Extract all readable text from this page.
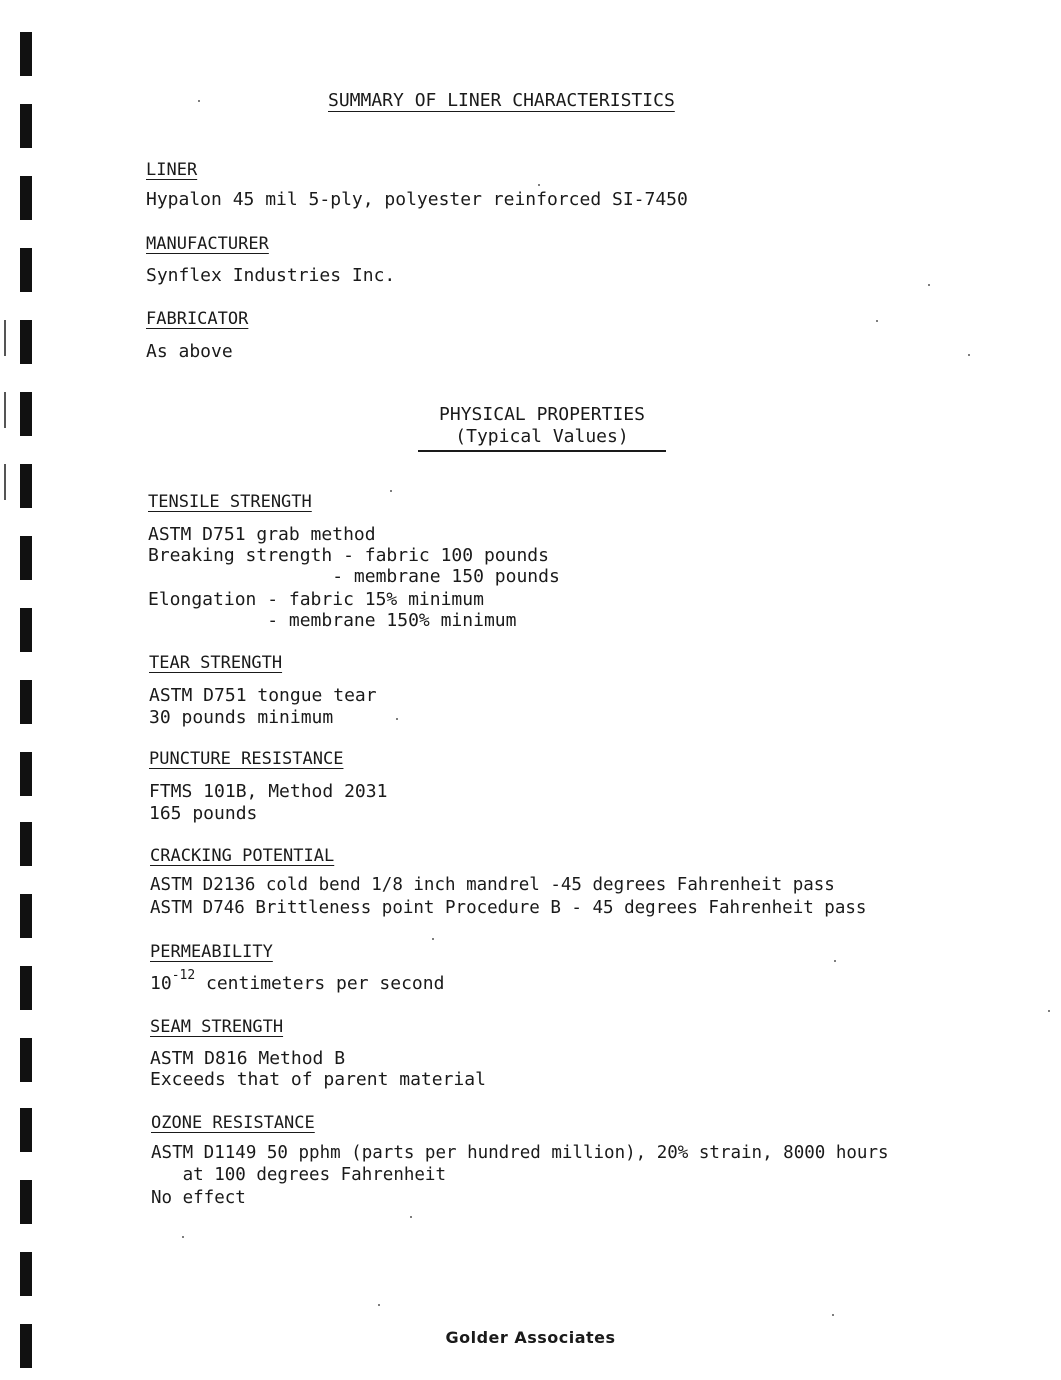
SUMMARY OF LINER CHARACTERISTICS
LINER
Hypalon 45 mil 5-ply, polyester reinforced SI-7450
MANUFACTURER
Synflex Industries Inc.
FABRICATOR
As above
PHYSICAL PROPERTIES
(Typical Values)
TENSILE STRENGTH
ASTM D751 grab method
Breaking strength - fabric 100 pounds
- membrane 150 pounds
Elongation - fabric 15% minimum
- membrane 150% minimum
TEAR STRENGTH
ASTM D751 tongue tear
30 pounds minimum
PUNCTURE RESISTANCE
FTMS 101B, Method 2031
165 pounds
CRACKING POTENTIAL
ASTM D2136 cold bend 1/8 inch mandrel -45 degrees Fahrenheit pass
ASTM D746 Brittleness point Procedure B - 45 degrees Fahrenheit pass
PERMEABILITY
$10^{-12}$ centimeters per second
SEAM STRENGTH
ASTM D816 Method B
Exceeds that of parent material
OZONE RESISTANCE
ASTM D1149 50 pphm (parts per hundred million), 20% strain, 8000 hours
at 100 degrees Fahrenheit
No effect
Golder Associates
